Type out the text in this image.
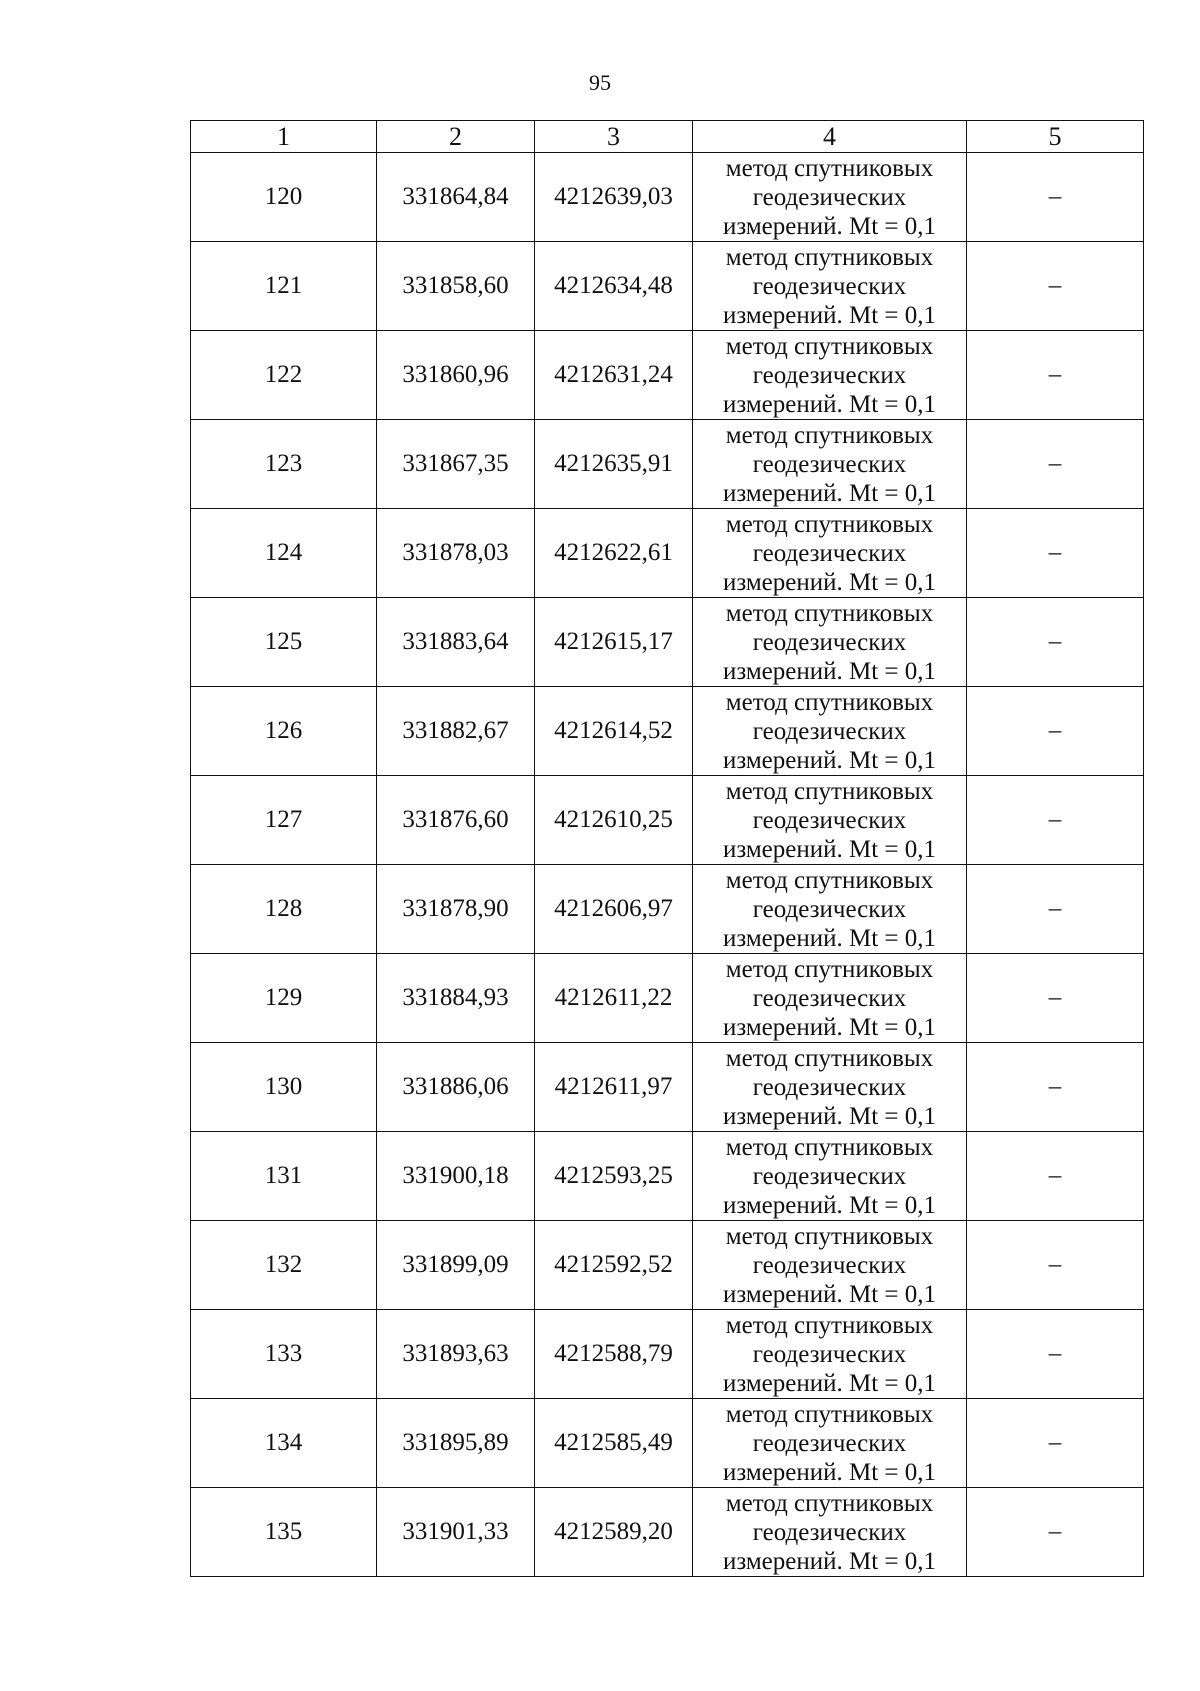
95
1	2	3	4	5
120	331864,84	4212639,03	метод спутниковых
геодезических
измерений. Mt = 0,1	–
121	331858,60	4212634,48	метод спутниковых
геодезических
измерений. Mt = 0,1	–
122	331860,96	4212631,24	метод спутниковых
геодезических
измерений. Mt = 0,1	–
123	331867,35	4212635,91	метод спутниковых
геодезических
измерений. Mt = 0,1	–
124	331878,03	4212622,61	метод спутниковых
геодезических
измерений. Mt = 0,1	–
125	331883,64	4212615,17	метод спутниковых
геодезических
измерений. Mt = 0,1	–
126	331882,67	4212614,52	метод спутниковых
геодезических
измерений. Mt = 0,1	–
127	331876,60	4212610,25	метод спутниковых
геодезических
измерений. Mt = 0,1	–
128	331878,90	4212606,97	метод спутниковых
геодезических
измерений. Mt = 0,1	–
129	331884,93	4212611,22	метод спутниковых
геодезических
измерений. Mt = 0,1	–
130	331886,06	4212611,97	метод спутниковых
геодезических
измерений. Mt = 0,1	–
131	331900,18	4212593,25	метод спутниковых
геодезических
измерений. Mt = 0,1	–
132	331899,09	4212592,52	метод спутниковых
геодезических
измерений. Mt = 0,1	–
133	331893,63	4212588,79	метод спутниковых
геодезических
измерений. Mt = 0,1	–
134	331895,89	4212585,49	метод спутниковых
геодезических
измерений. Mt = 0,1	–
135	331901,33	4212589,20	метод спутниковых
геодезических
измерений. Mt = 0,1	–
